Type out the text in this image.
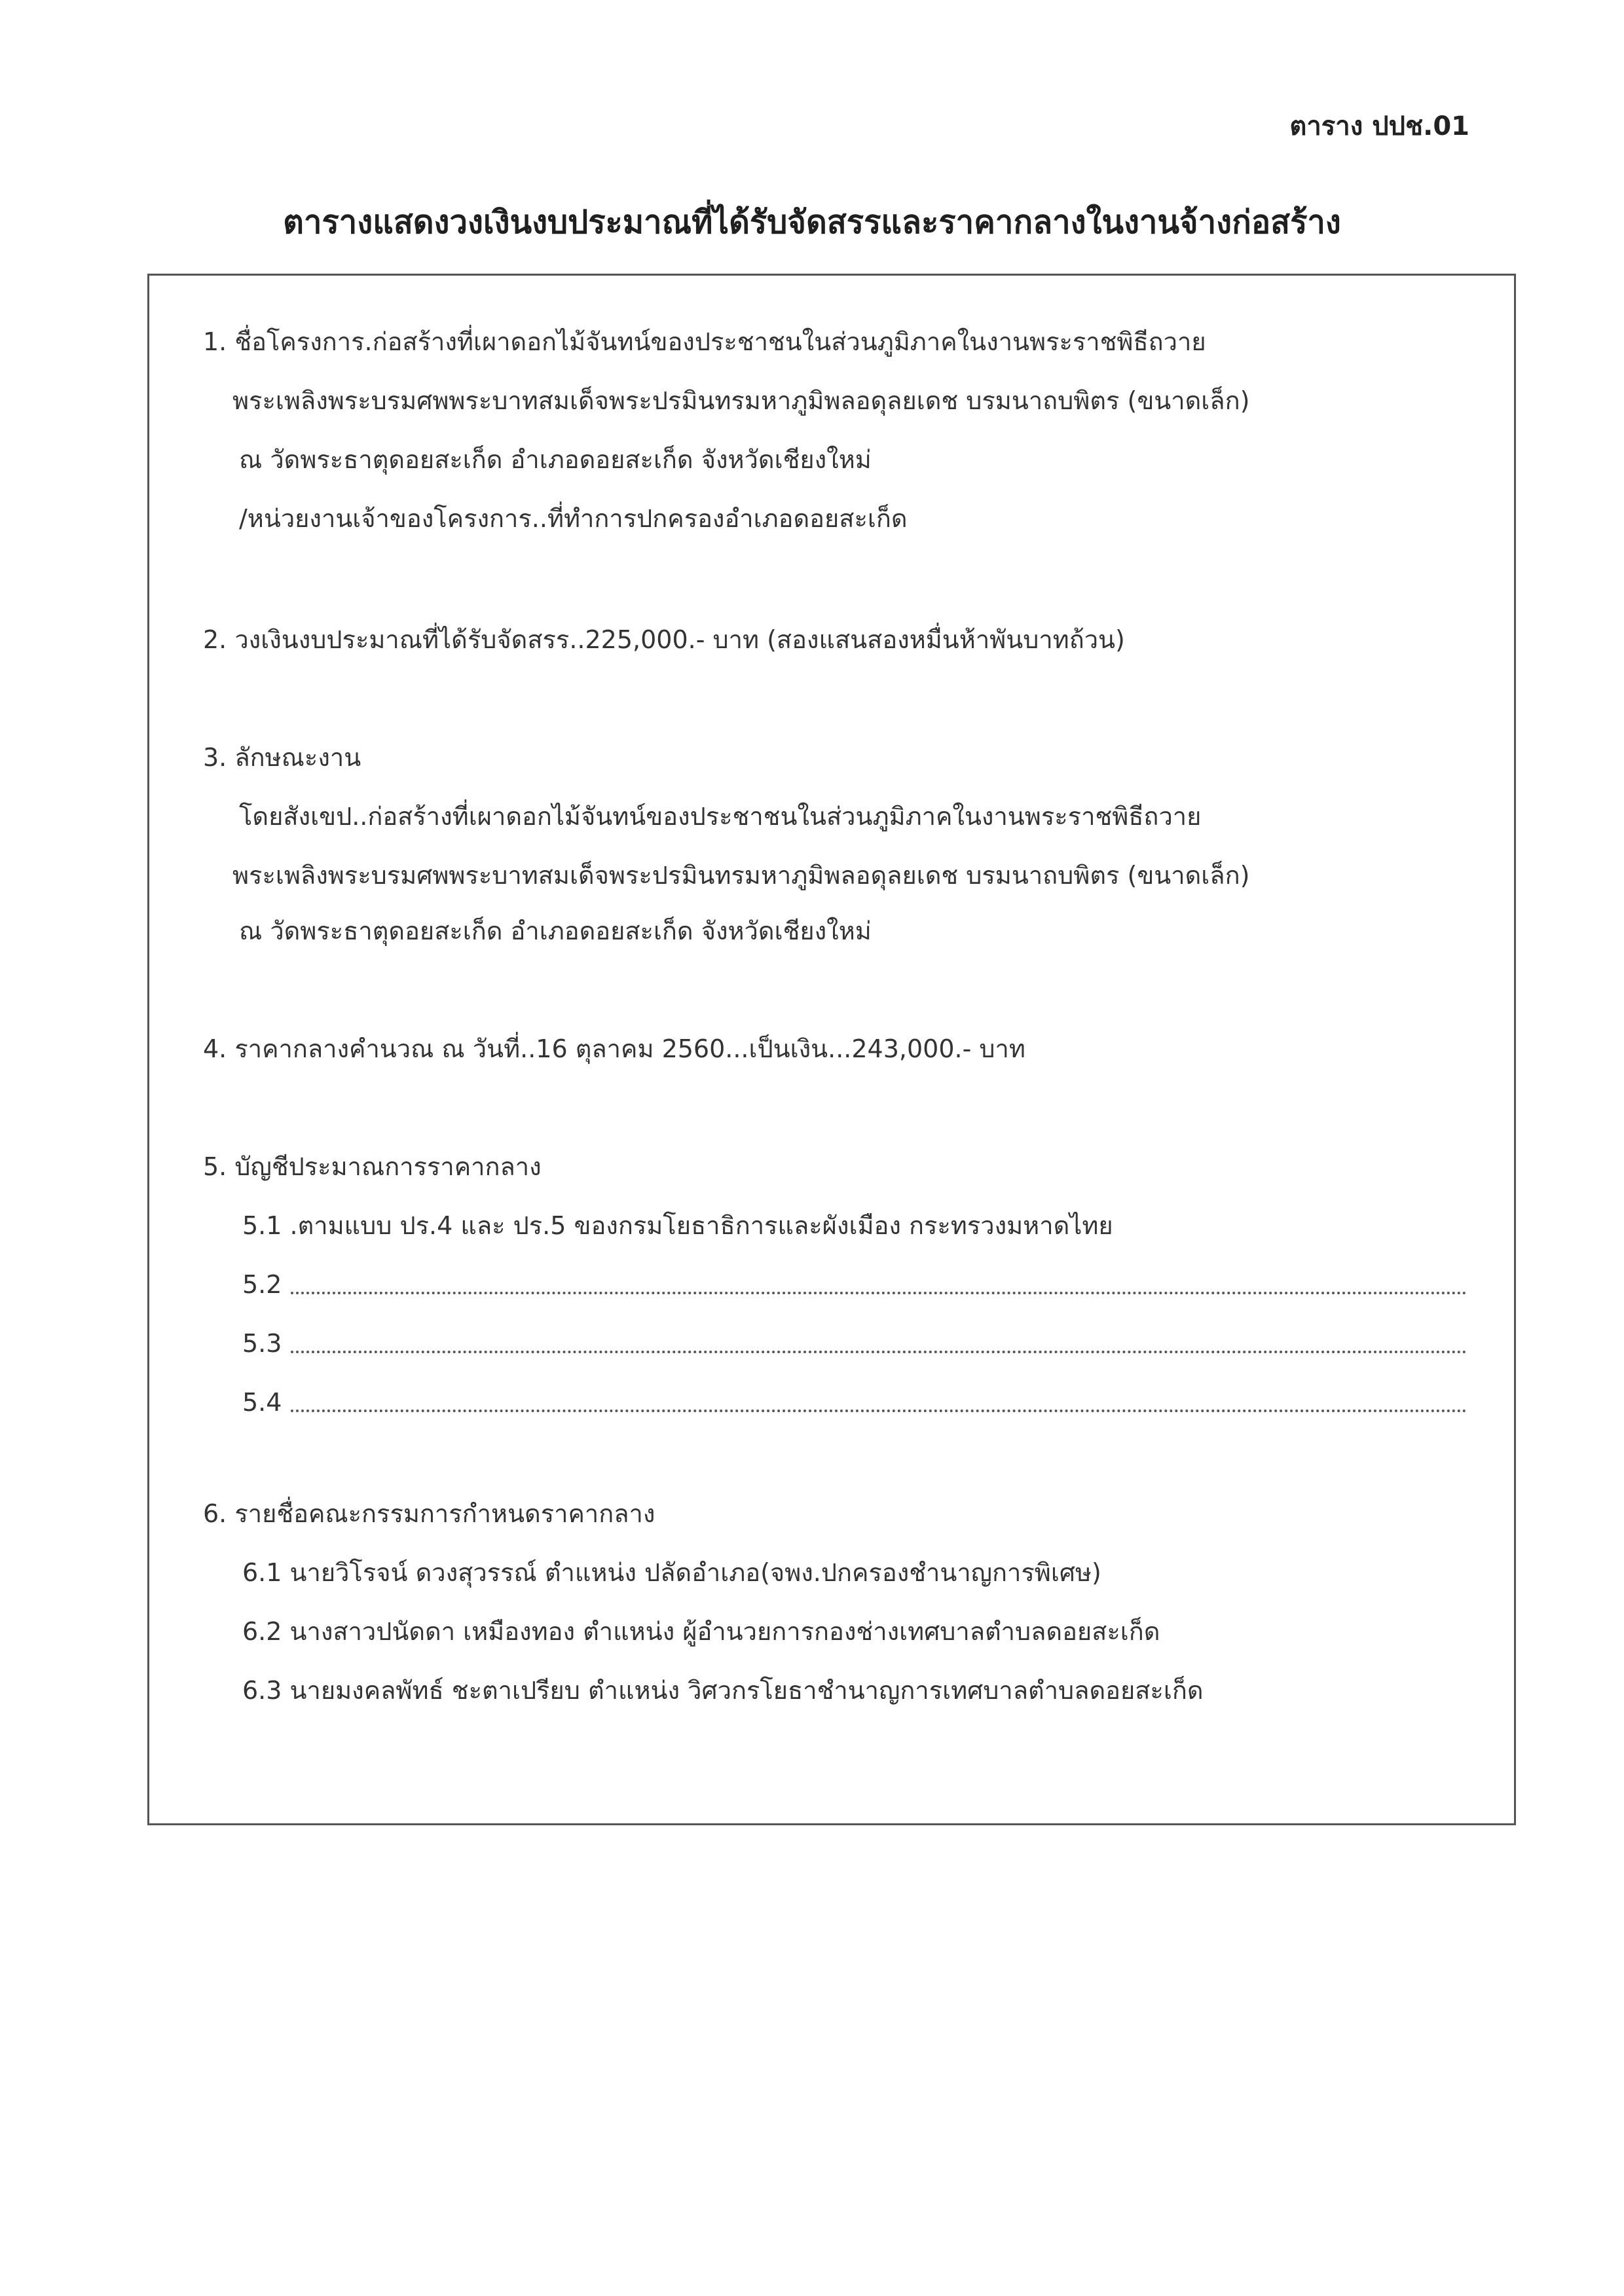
ตาราง ปปช.01
ตารางแสดงวงเงินงบประมาณที่ได้รับจัดสรรและราคากลางในงานจ้างก่อสร้าง
1. ชื่อโครงการ.ก่อสร้างที่เผาดอกไม้จันทน์ของประชาชนในส่วนภูมิภาคในงานพระราชพิธีถวาย
พระเพลิงพระบรมศพพระบาทสมเด็จพระปรมินทรมหาภูมิพลอดุลยเดช บรมนาถบพิตร (ขนาดเล็ก)
ณ วัดพระธาตุดอยสะเก็ด อำเภอดอยสะเก็ด จังหวัดเชียงใหม่
/หน่วยงานเจ้าของโครงการ..ที่ทำการปกครองอำเภอดอยสะเก็ด
2. วงเงินงบประมาณที่ได้รับจัดสรร..225,000.- บาท (สองแสนสองหมื่นห้าพันบาทถ้วน)
3. ลักษณะงาน
โดยสังเขป..ก่อสร้างที่เผาดอกไม้จันทน์ของประชาชนในส่วนภูมิภาคในงานพระราชพิธีถวาย
พระเพลิงพระบรมศพพระบาทสมเด็จพระปรมินทรมหาภูมิพลอดุลยเดช บรมนาถบพิตร (ขนาดเล็ก)
ณ วัดพระธาตุดอยสะเก็ด อำเภอดอยสะเก็ด จังหวัดเชียงใหม่
4. ราคากลางคำนวณ ณ วันที่..16 ตุลาคม 2560...เป็นเงิน...243,000.- บาท
5. บัญชีประมาณการราคากลาง
5.1 .ตามแบบ ปร.4 และ ปร.5 ของกรมโยธาธิการและผังเมือง กระทรวงมหาดไทย
5.2
5.3
5.4
6. รายชื่อคณะกรรมการกำหนดราคากลาง
6.1 นายวิโรจน์ ดวงสุวรรณ์ ตำแหน่ง ปลัดอำเภอ(จพง.ปกครองชำนาญการพิเศษ)
6.2 นางสาวปนัดดา เหมืองทอง ตำแหน่ง ผู้อำนวยการกองช่างเทศบาลตำบลดอยสะเก็ด
6.3 นายมงคลพัทธ์ ชะตาเปรียบ ตำแหน่ง วิศวกรโยธาชำนาญการเทศบาลตำบลดอยสะเก็ด
